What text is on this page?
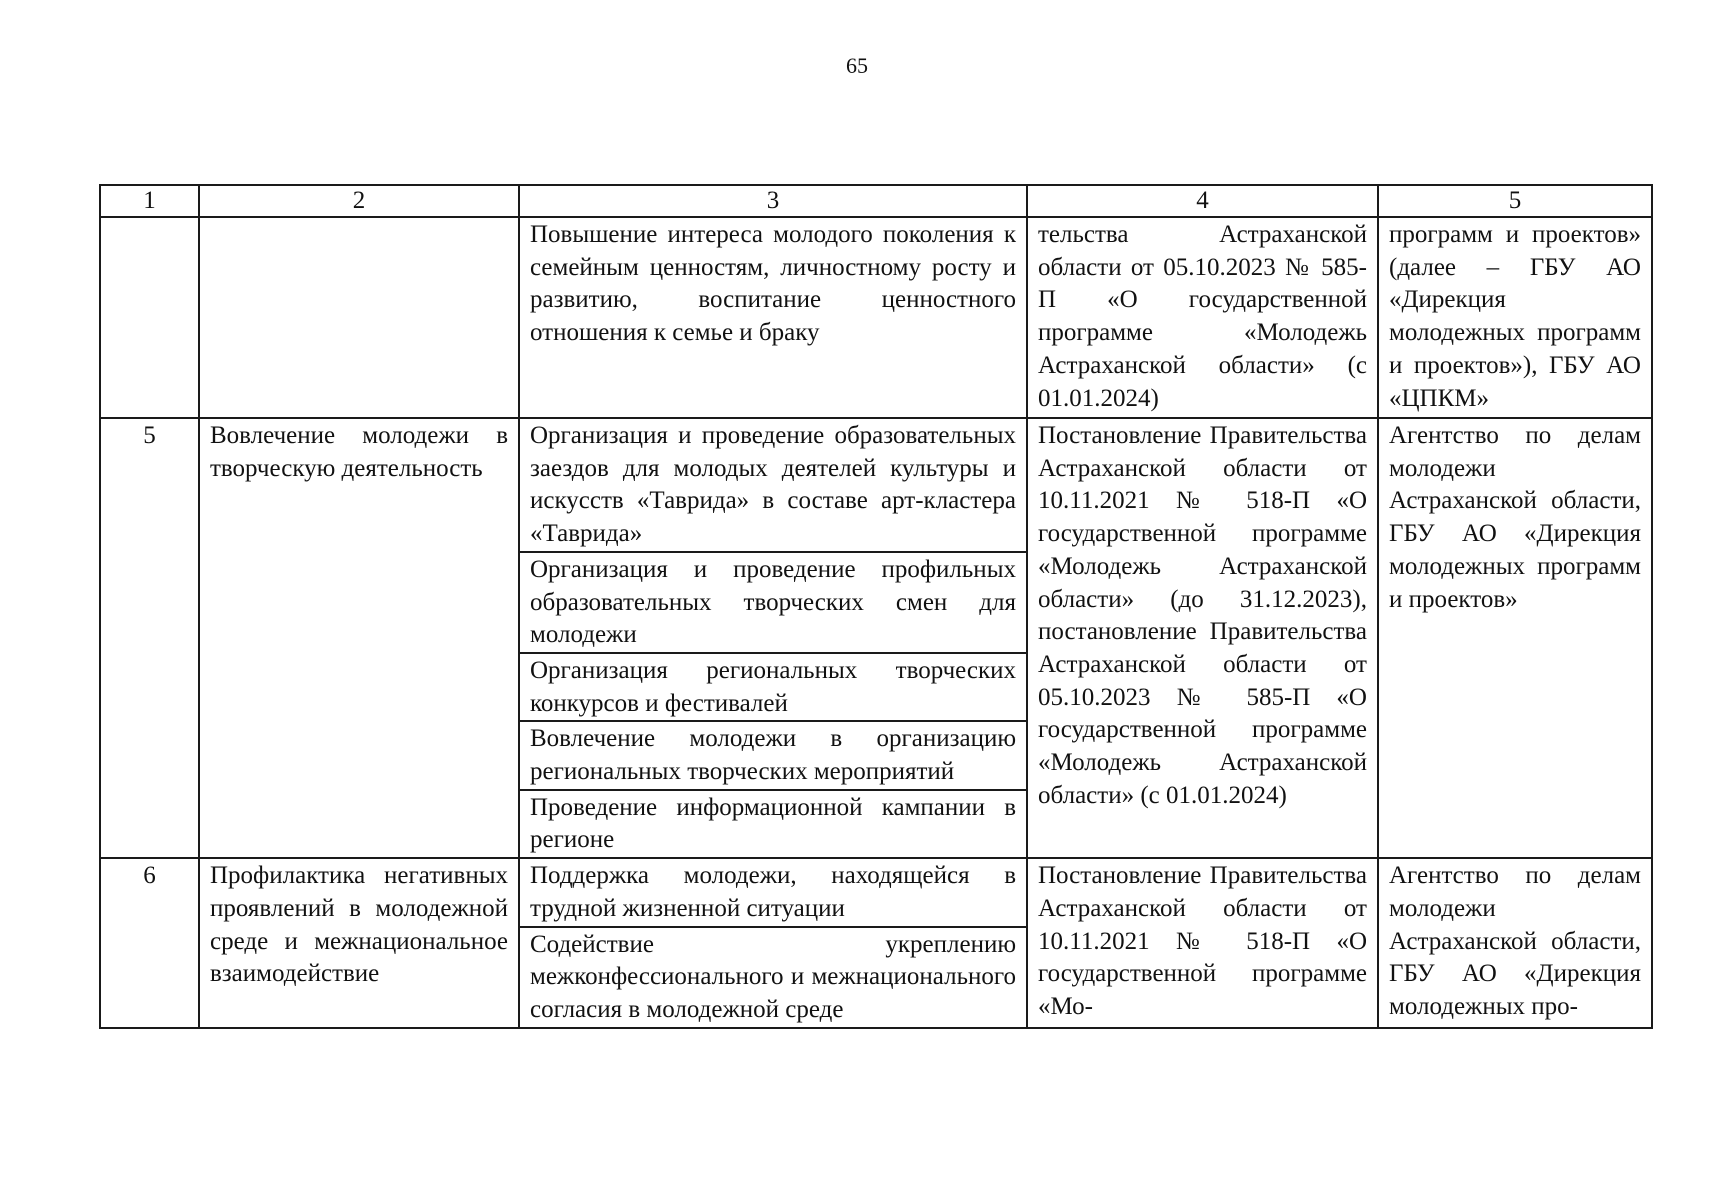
65
1	2	3	4	5
		Повышение интереса молодого поколения к семейным ценностям, личностному росту и развитию, воспитание ценностного отношения к семье и браку	тельства Астраханской области от 05.10.2023 № 585-П «О государственной программе «Молодежь Астраханской области» (с 01.01.2024)	программ и проектов» (далее – ГБУ АО «Дирекция молодежных программ и проектов»), ГБУ АО «ЦПКМ»
5	Вовлечение молодежи в творческую деятельность	Организация и проведение образовательных заездов для молодых деятелей культуры и искусств «Таврида» в составе арт-кластера «Таврида»	Постановление Правительства Астраханской области от 10.11.2021 № 518-П «О государственной программе «Молодежь Астраханской области» (до 31.12.2023), постановление Правительства Астраханской области от 05.10.2023 № 585-П «О государственной программе «Молодежь Астраханской области» (с 01.01.2024)	Агентство по делам молодежи Астраханской области, ГБУ АО «Дирекция молодежных программ и проектов»
		Организация и проведение профильных образовательных творческих смен для молодежи		
		Организация региональных творческих конкурсов и фестивалей		
		Вовлечение молодежи в организацию региональных творческих мероприятий		
		Проведение информационной кампании в регионе		
6	Профилактика негативных проявлений в молодежной среде и межнациональное взаимодействие	Поддержка молодежи, находящейся в трудной жизненной ситуации	Постановление Правительства Астраханской области от 10.11.2021 № 518-П «О государственной программе «Мо-	Агентство по делам молодежи Астраханской области, ГБУ АО «Дирекция молодежных про-
		Содействие укреплению межконфессионального и межнационального согласия в молодежной среде		
